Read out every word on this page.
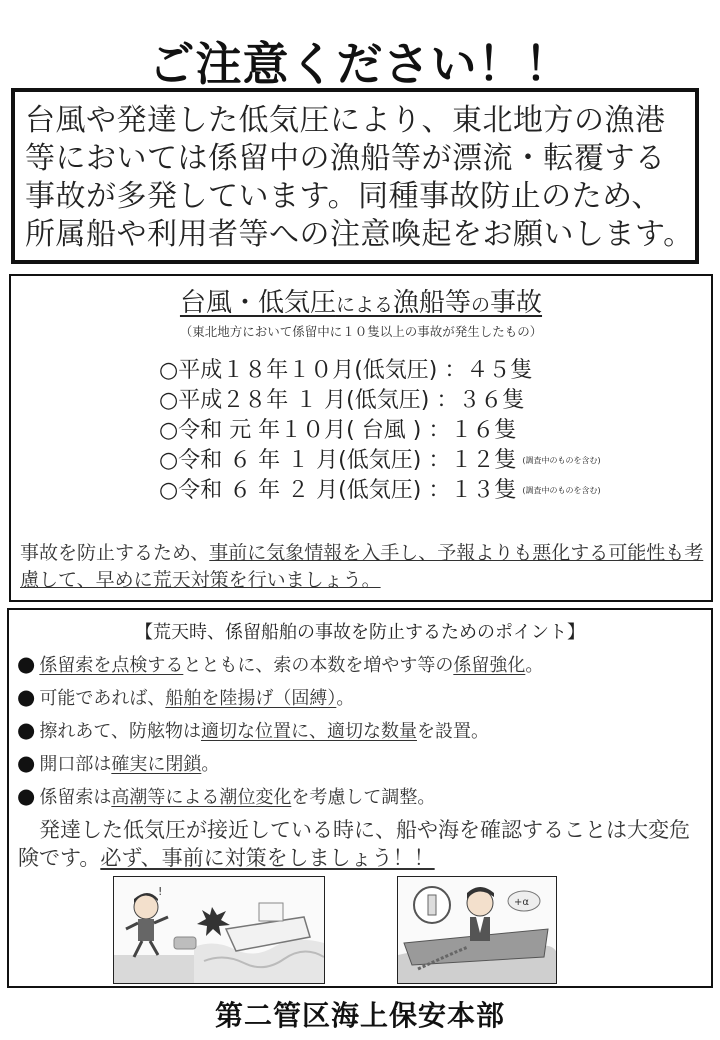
ご注意ください！！
台風や発達した低気圧により、東北地方の漁港
等においては係留中の漁船等が漂流・転覆する
事故が多発しています。同種事故防止のため、
所属船や利用者等への注意喚起をお願いします。
台風・低気圧による漁船等の事故
（東北地方において係留中に１０隻以上の事故が発生したもの）
○平成１８年１０月(低気圧) ：４５隻
○平成２８年 １ 月(低気圧) ：３６隻
○令和 元 年１０月( 台風 ) ：１６隻
○令和 ６ 年 １ 月(低気圧) ：１２隻 (調査中のものを含む)
○令和 ６ 年 ２ 月(低気圧) ：１３隻 (調査中のものを含む)
事故を防止するため、事前に気象情報を入手し、予報よりも悪化する可能性も考慮して、早めに荒天対策を行いましょう。
【荒天時、係留船舶の事故を防止するためのポイント】
● 係留索を点検するとともに、索の本数を増やす等の係留強化。
● 可能であれば、船舶を陸揚げ（固縛）。
● 擦れあて、防舷物は適切な位置に、適切な数量を設置。
● 開口部は確実に閉鎖。
● 係留索は高潮等による潮位変化を考慮して調整。
　発達した低気圧が接近している時に、船や海を確認することは大変危険です。必ず、事前に対策をしましょう！！
!
+α
第二管区海上保安本部
